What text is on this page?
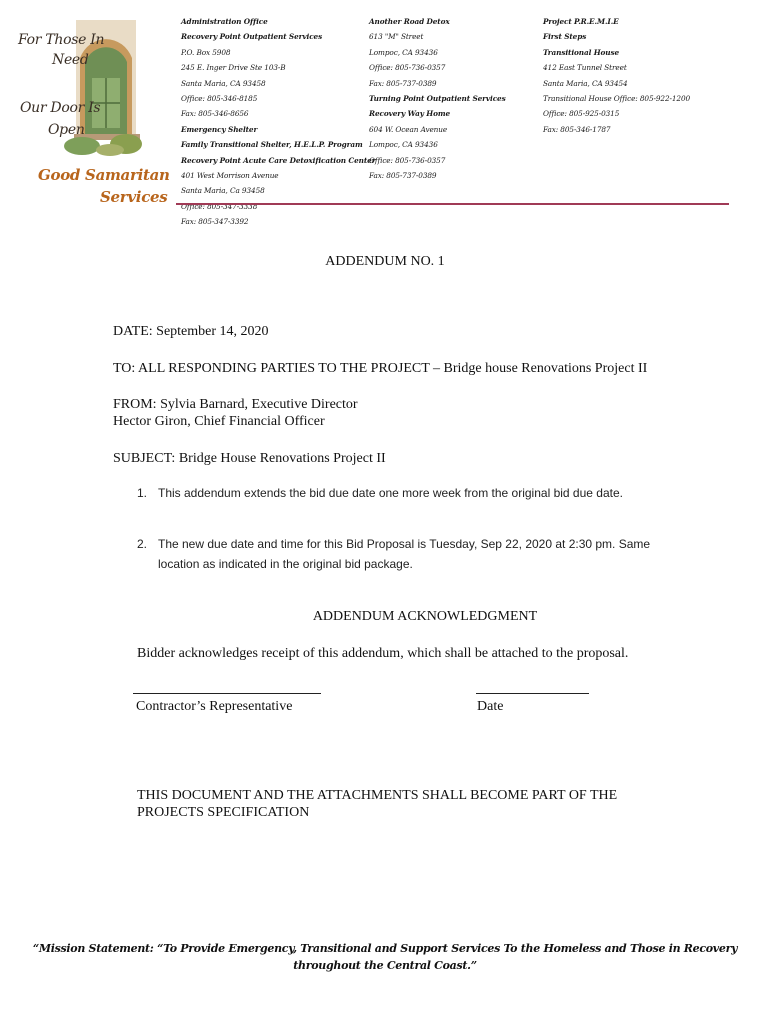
For Those In
Need
Our Door Is
Open
Good Samaritan
Services
Administration Office
Recovery Point Outpatient Services
P.O. Box 5908
245 E. Inger Drive Ste 103-B
Santa Maria, CA 93458
Office: 805-346-8185
Fax: 805-346-8656
Emergency Shelter
Family Transitional Shelter, H.E.L.P. Program
Recovery Point Acute Care Detoxification Center
401 West Morrison Avenue
Santa Maria, Ca 93458
Office: 805-347-3338
Fax: 805-347-3392
Another Road Detox
613 "M" Street
Lompoc, CA 93436
Office: 805-736-0357
Fax: 805-737-0389
Turning Point Outpatient Services
Recovery Way Home
604 W. Ocean Avenue
Lompoc, CA 93436
Office: 805-736-0357
Fax: 805-737-0389
Project P.R.E.M.I.E
First Steps
Transitional House
412 East Tunnel Street
Santa Maria, CA 93454
Transitional House Office: 805-922-1200
Office: 805-925-0315
Fax: 805-346-1787
ADDENDUM NO. 1
DATE: September 14, 2020
TO: ALL RESPONDING PARTIES TO THE PROJECT – Bridge house Renovations Project II
FROM: Sylvia Barnard, Executive Director
Hector Giron, Chief Financial Officer
SUBJECT: Bridge House Renovations Project II
1. This addendum extends the bid due date one more week from the original bid due date.
2. The new due date and time for this Bid Proposal is Tuesday, Sep 22, 2020 at 2:30 pm. Same
location as indicated in the original bid package.
ADDENDUM ACKNOWLEDGMENT
Bidder acknowledges receipt of this addendum, which shall be attached to the proposal.
Contractor’s Representative	Date
THIS DOCUMENT AND THE ATTACHMENTS SHALL BECOME PART OF THE
PROJECTS SPECIFICATION
“Mission Statement: “To Provide Emergency, Transitional and Support Services To the Homeless and Those in Recovery
throughout the Central Coast.”
